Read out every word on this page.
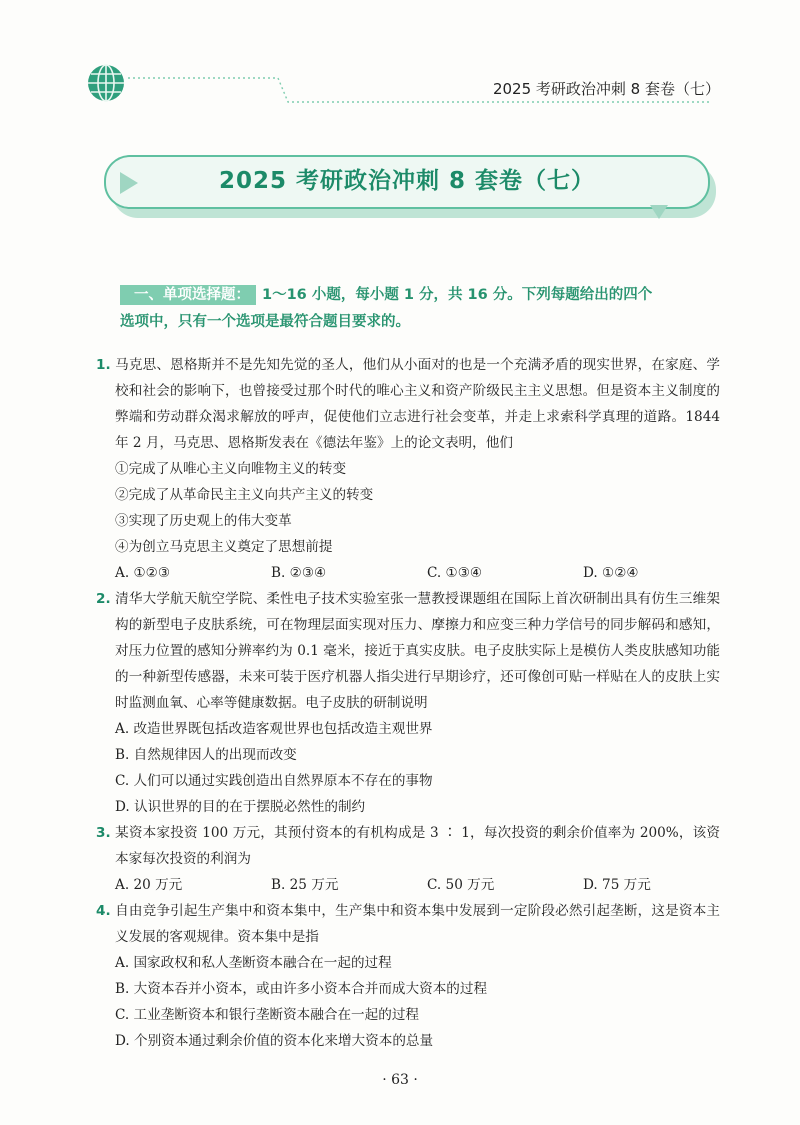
2025 考研政治冲刺 8 套卷（七）
2025 考研政治冲刺 8 套卷（七）
一、单项选择题： 1～16 小题，每小题 1 分，共 16 分。下列每题给出的四个
选项中，只有一个选项是最符合题目要求的。
1. 马克思、恩格斯并不是先知先觉的圣人，他们从小面对的也是一个充满矛盾的现实世界，在家庭、学校和社会的影响下，也曾接受过那个时代的唯心主义和资产阶级民主主义思想。但是资本主义制度的弊端和劳动群众渴求解放的呼声，促使他们立志进行社会变革，并走上求索科学真理的道路。1844 年 2 月，马克思、恩格斯发表在《德法年鉴》上的论文表明，他们
①完成了从唯心主义向唯物主义的转变
②完成了从革命民主主义向共产主义的转变
③实现了历史观上的伟大变革
④为创立马克思主义奠定了思想前提
A. ①②③	B. ②③④	C. ①③④	D. ①②④
2. 清华大学航天航空学院、柔性电子技术实验室张一慧教授课题组在国际上首次研制出具有仿生三维架构的新型电子皮肤系统，可在物理层面实现对压力、摩擦力和应变三种力学信号的同步解码和感知，对压力位置的感知分辨率约为 0.1 毫米，接近于真实皮肤。电子皮肤实际上是模仿人类皮肤感知功能的一种新型传感器，未来可装于医疗机器人指尖进行早期诊疗，还可像创可贴一样贴在人的皮肤上实时监测血氧、心率等健康数据。电子皮肤的研制说明
A. 改造世界既包括改造客观世界也包括改造主观世界
B. 自然规律因人的出现而改变
C. 人们可以通过实践创造出自然界原本不存在的事物
D. 认识世界的目的在于摆脱必然性的制约
3. 某资本家投资 100 万元，其预付资本的有机构成是 3 ∶ 1，每次投资的剩余价值率为 200%，该资本家每次投资的利润为
A. 20 万元	B. 25 万元	C. 50 万元	D. 75 万元
4. 自由竞争引起生产集中和资本集中，生产集中和资本集中发展到一定阶段必然引起垄断，这是资本主义发展的客观规律。资本集中是指
A. 国家政权和私人垄断资本融合在一起的过程
B. 大资本吞并小资本，或由许多小资本合并而成大资本的过程
C. 工业垄断资本和银行垄断资本融合在一起的过程
D. 个别资本通过剩余价值的资本化来增大资本的总量
· 63 ·
